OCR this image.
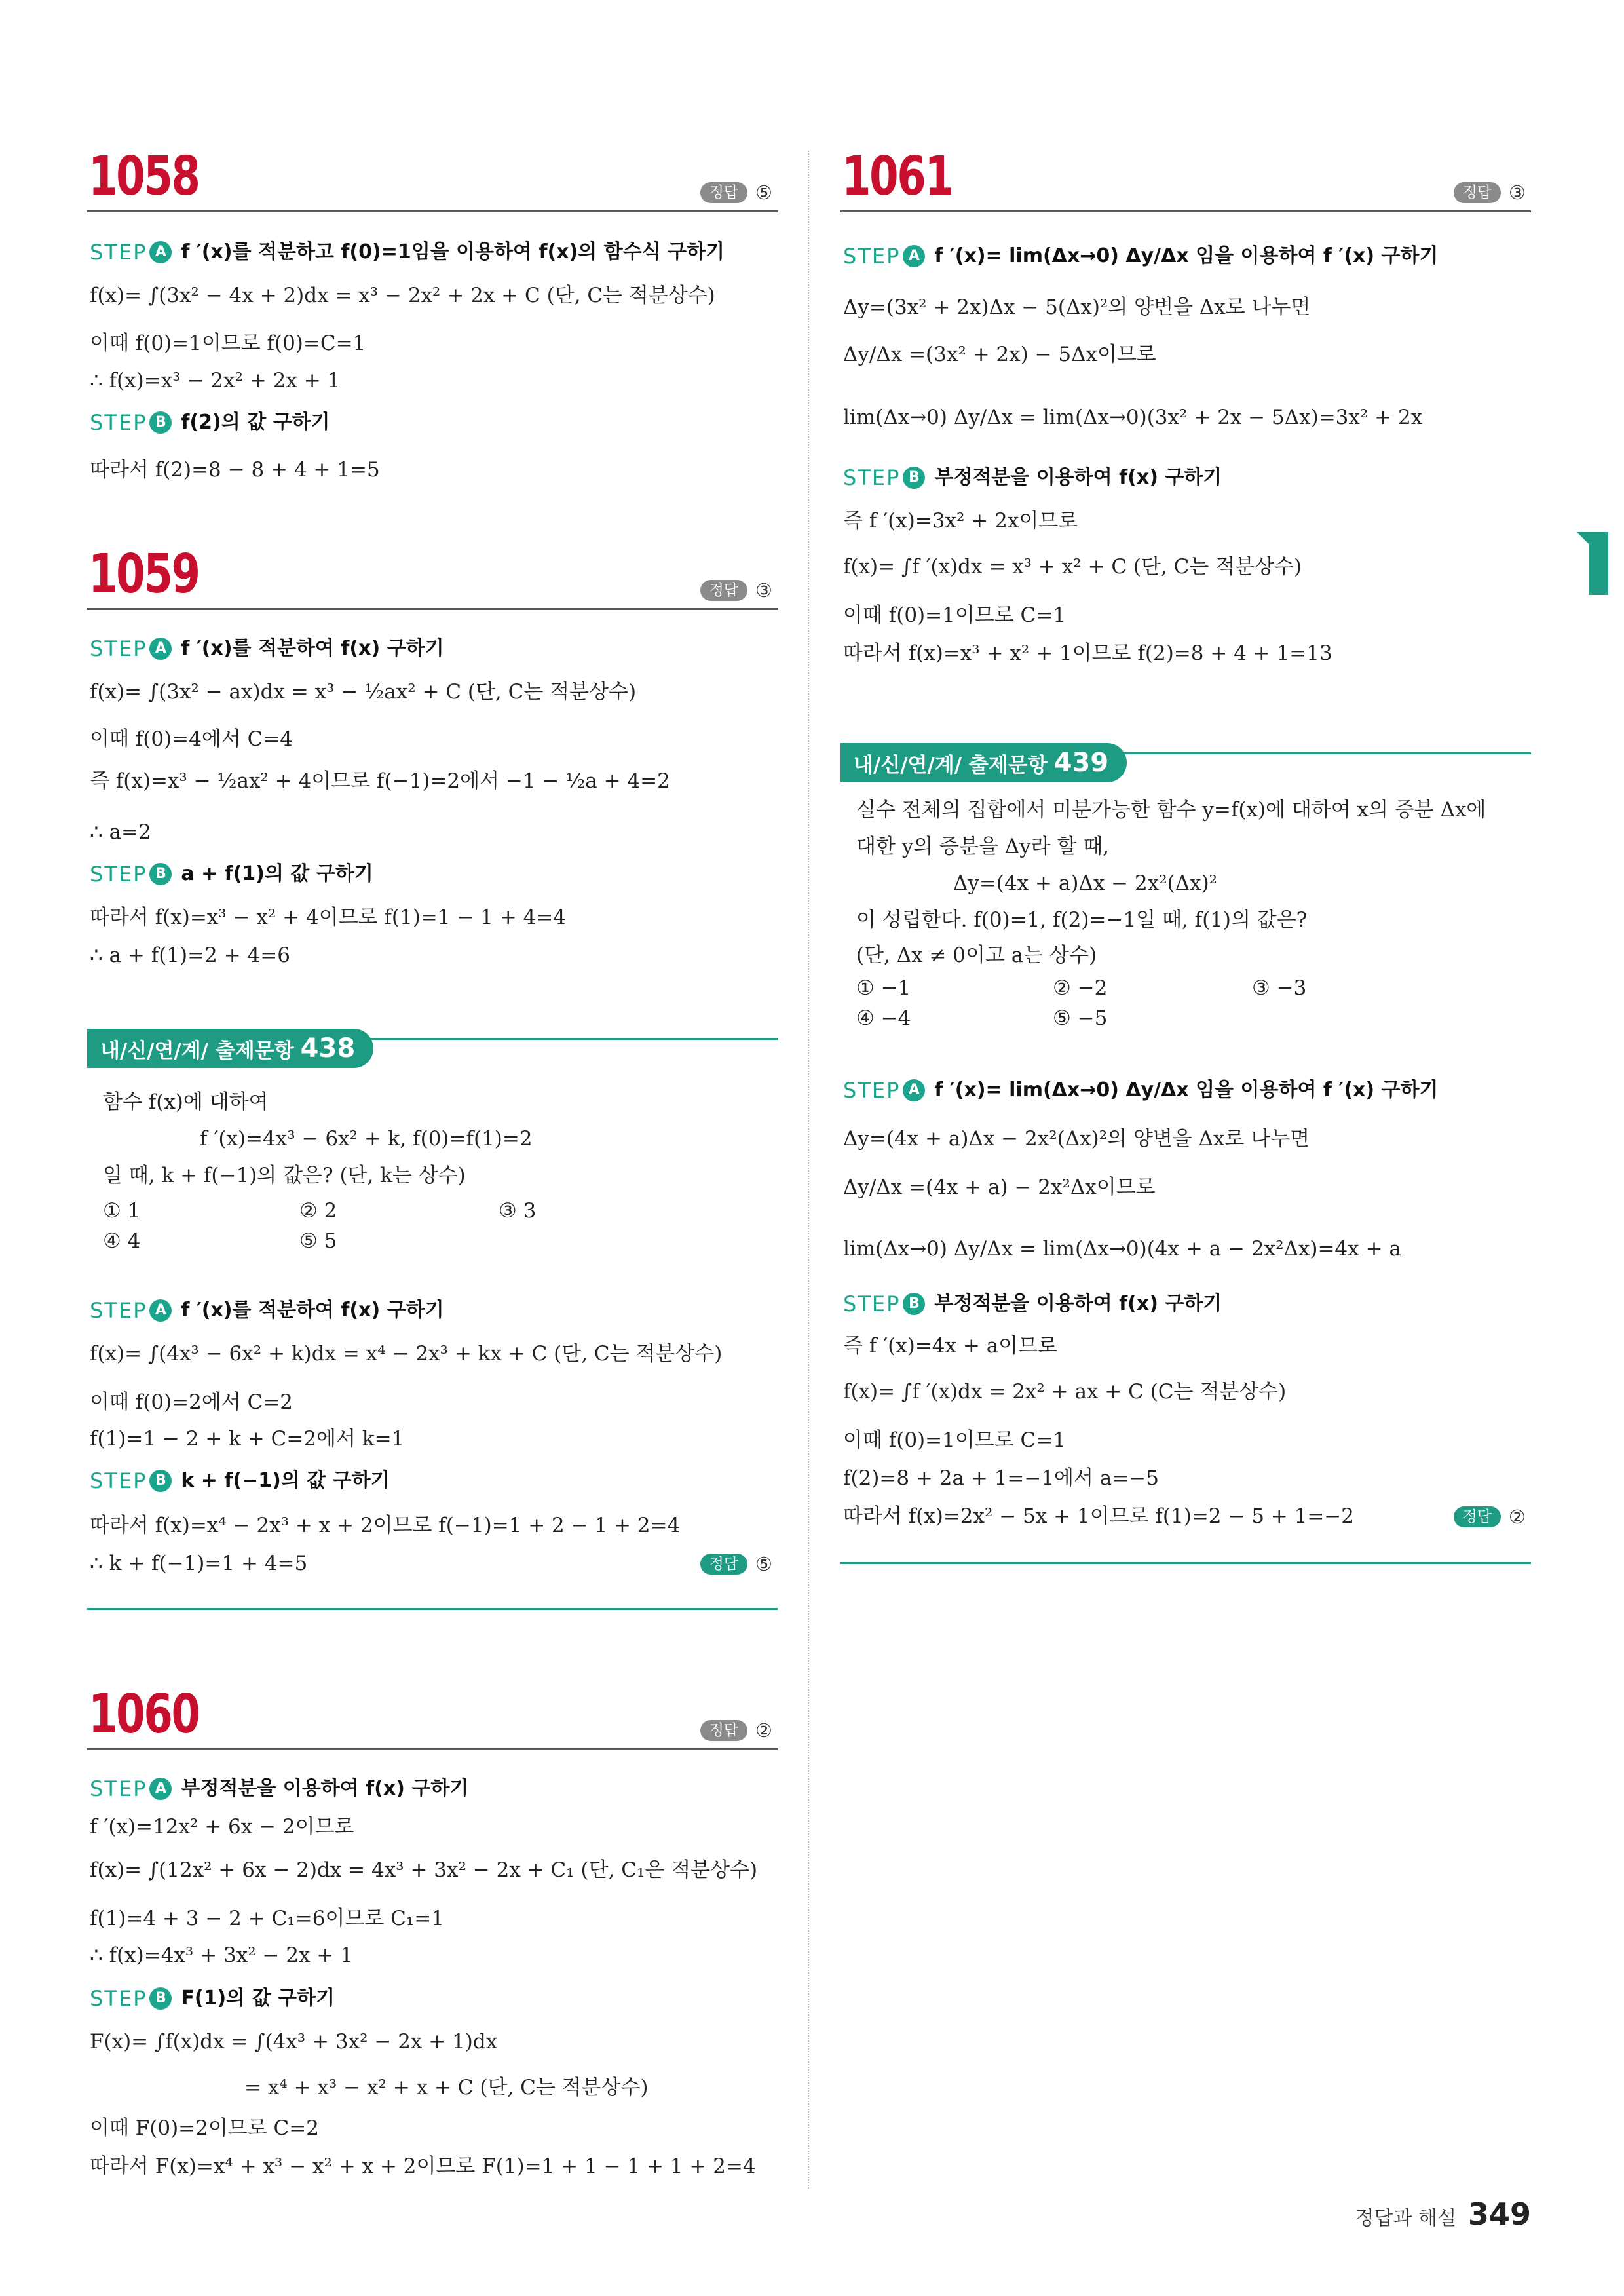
1058	정답 ⑤
STEP A f ′(x)를 적분하고 f(0)=1임을 이용하여 f(x)의 함수식 구하기
f(x)= ∫(3x² − 4x + 2)dx = x³ − 2x² + 2x + C (단, C는 적분상수)
이때 f(0)=1이므로 f(0)=C=1
∴ f(x)=x³ − 2x² + 2x + 1
STEP B f(2)의 값 구하기
따라서 f(2)=8 − 8 + 4 + 1=5
1059	정답 ③
STEP A f ′(x)를 적분하여 f(x) 구하기
f(x)= ∫(3x² − ax)dx = x³ − ½ax² + C (단, C는 적분상수)
이때 f(0)=4에서 C=4
즉 f(x)=x³ − ½ax² + 4이므로 f(−1)=2에서 −1 − ½a + 4=2
∴ a=2
STEP B a + f(1)의 값 구하기
따라서 f(x)=x³ − x² + 4이므로 f(1)=1 − 1 + 4=4
∴ a + f(1)=2 + 4=6
내/신/연/계/ 출제문항 438
함수 f(x)에 대하여
f ′(x)=4x³ − 6x² + k, f(0)=f(1)=2
일 때, k + f(−1)의 값은? (단, k는 상수)
① 1	② 2	③ 3
④ 4	⑤ 5
STEP A f ′(x)를 적분하여 f(x) 구하기
f(x)= ∫(4x³ − 6x² + k)dx = x⁴ − 2x³ + kx + C (단, C는 적분상수)
이때 f(0)=2에서 C=2
f(1)=1 − 2 + k + C=2에서 k=1
STEP B k + f(−1)의 값 구하기
따라서 f(x)=x⁴ − 2x³ + x + 2이므로 f(−1)=1 + 2 − 1 + 2=4
∴ k + f(−1)=1 + 4=5	정답 ⑤
1060	정답 ②
STEP A 부정적분을 이용하여 f(x) 구하기
f ′(x)=12x² + 6x − 2이므로
f(x)= ∫(12x² + 6x − 2)dx = 4x³ + 3x² − 2x + C₁ (단, C₁은 적분상수)
f(1)=4 + 3 − 2 + C₁=6이므로 C₁=1
∴ f(x)=4x³ + 3x² − 2x + 1
STEP B F(1)의 값 구하기
F(x)= ∫f(x)dx = ∫(4x³ + 3x² − 2x + 1)dx
= x⁴ + x³ − x² + x + C (단, C는 적분상수)
이때 F(0)=2이므로 C=2
따라서 F(x)=x⁴ + x³ − x² + x + 2이므로 F(1)=1 + 1 − 1 + 1 + 2=4
1061	정답 ③
STEP A f ′(x)= lim(Δx→0) Δy/Δx 임을 이용하여 f ′(x) 구하기
Δy=(3x² + 2x)Δx − 5(Δx)²의 양변을 Δx로 나누면
Δy/Δx =(3x² + 2x) − 5Δx이므로
lim(Δx→0) Δy/Δx = lim(Δx→0)(3x² + 2x − 5Δx)=3x² + 2x
STEP B 부정적분을 이용하여 f(x) 구하기
즉 f ′(x)=3x² + 2x이므로
f(x)= ∫f ′(x)dx = x³ + x² + C (단, C는 적분상수)
이때 f(0)=1이므로 C=1
따라서 f(x)=x³ + x² + 1이므로 f(2)=8 + 4 + 1=13
내/신/연/계/ 출제문항 439
실수 전체의 집합에서 미분가능한 함수 y=f(x)에 대하여 x의 증분 Δx에
대한 y의 증분을 Δy라 할 때,
Δy=(4x + a)Δx − 2x²(Δx)²
이 성립한다. f(0)=1, f(2)=−1일 때, f(1)의 값은?
(단, Δx ≠ 0이고 a는 상수)
① −1	② −2	③ −3
④ −4	⑤ −5
STEP A f ′(x)= lim(Δx→0) Δy/Δx 임을 이용하여 f ′(x) 구하기
Δy=(4x + a)Δx − 2x²(Δx)²의 양변을 Δx로 나누면
Δy/Δx =(4x + a) − 2x²Δx이므로
lim(Δx→0) Δy/Δx = lim(Δx→0)(4x + a − 2x²Δx)=4x + a
STEP B 부정적분을 이용하여 f(x) 구하기
즉 f ′(x)=4x + a이므로
f(x)= ∫f ′(x)dx = 2x² + ax + C (C는 적분상수)
이때 f(0)=1이므로 C=1
f(2)=8 + 2a + 1=−1에서 a=−5
따라서 f(x)=2x² − 5x + 1이므로 f(1)=2 − 5 + 1=−2	정답 ②
정답과 해설 349
